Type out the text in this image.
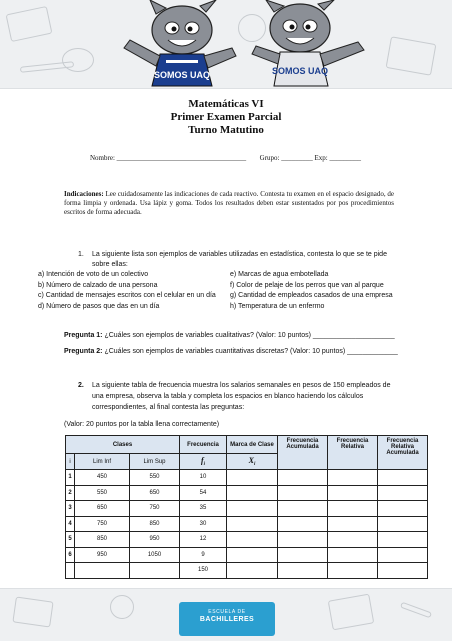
SOMOS UAQ	SOMOS UAQ
Matemáticas VI
Primer Examen Parcial
Turno Matutino
Nombre: _____________________________________ Grupo: _________ Exp: _________
Indicaciones: Lee cuidadosamente las indicaciones de cada reactivo. Contesta tu examen en el espacio designado, de forma limpia y ordenada. Usa lápiz y goma. Todos los resultados deben estar sustentados por pos procedimientos escritos de forma adecuada.
1. La siguiente lista son ejemplos de variables utilizadas en estadística, contesta lo que se te pide
sobre ellas:
a) Intención de voto de un colectivo
b) Número de calzado de una persona
c) Cantidad de mensajes escritos con el celular en un día
d) Número de pasos que das en un día
e) Marcas de agua embotellada
f) Color de pelaje de los perros que van al parque
g) Cantidad de empleados casados de una empresa
h) Temperatura de un enfermo
Pregunta 1: ¿Cuáles son ejemplos de variables cualitativas? (Valor: 10 puntos) _____________________
Pregunta 2: ¿Cuáles son ejemplos de variables cuantitativas discretas? (Valor: 10 puntos) _____________
2. La siguiente tabla de frecuencia muestra los salarios semanales en pesos de 150 empleados de
una empresa, observa la tabla y completa los espacios en blanco haciendo los cálculos
correspondientes, al final contesta las preguntas:
(Valor: 20 puntos por la tabla llena correctamente)
Clases			Frecuencia	Marca de Clase	Frecuencia Acumulada	Frecuencia Relativa	Frecuencia Relativa Acumulada
i	Lim Inf	Lim Sup	$f_i$	$X_i$
1	450	550	10				
2	550	650	54				
3	650	750	35				
4	750	850	30				
5	850	950	12				
6	950	1050	9				
			150				
ESCUELA DE
BACHILLERES
